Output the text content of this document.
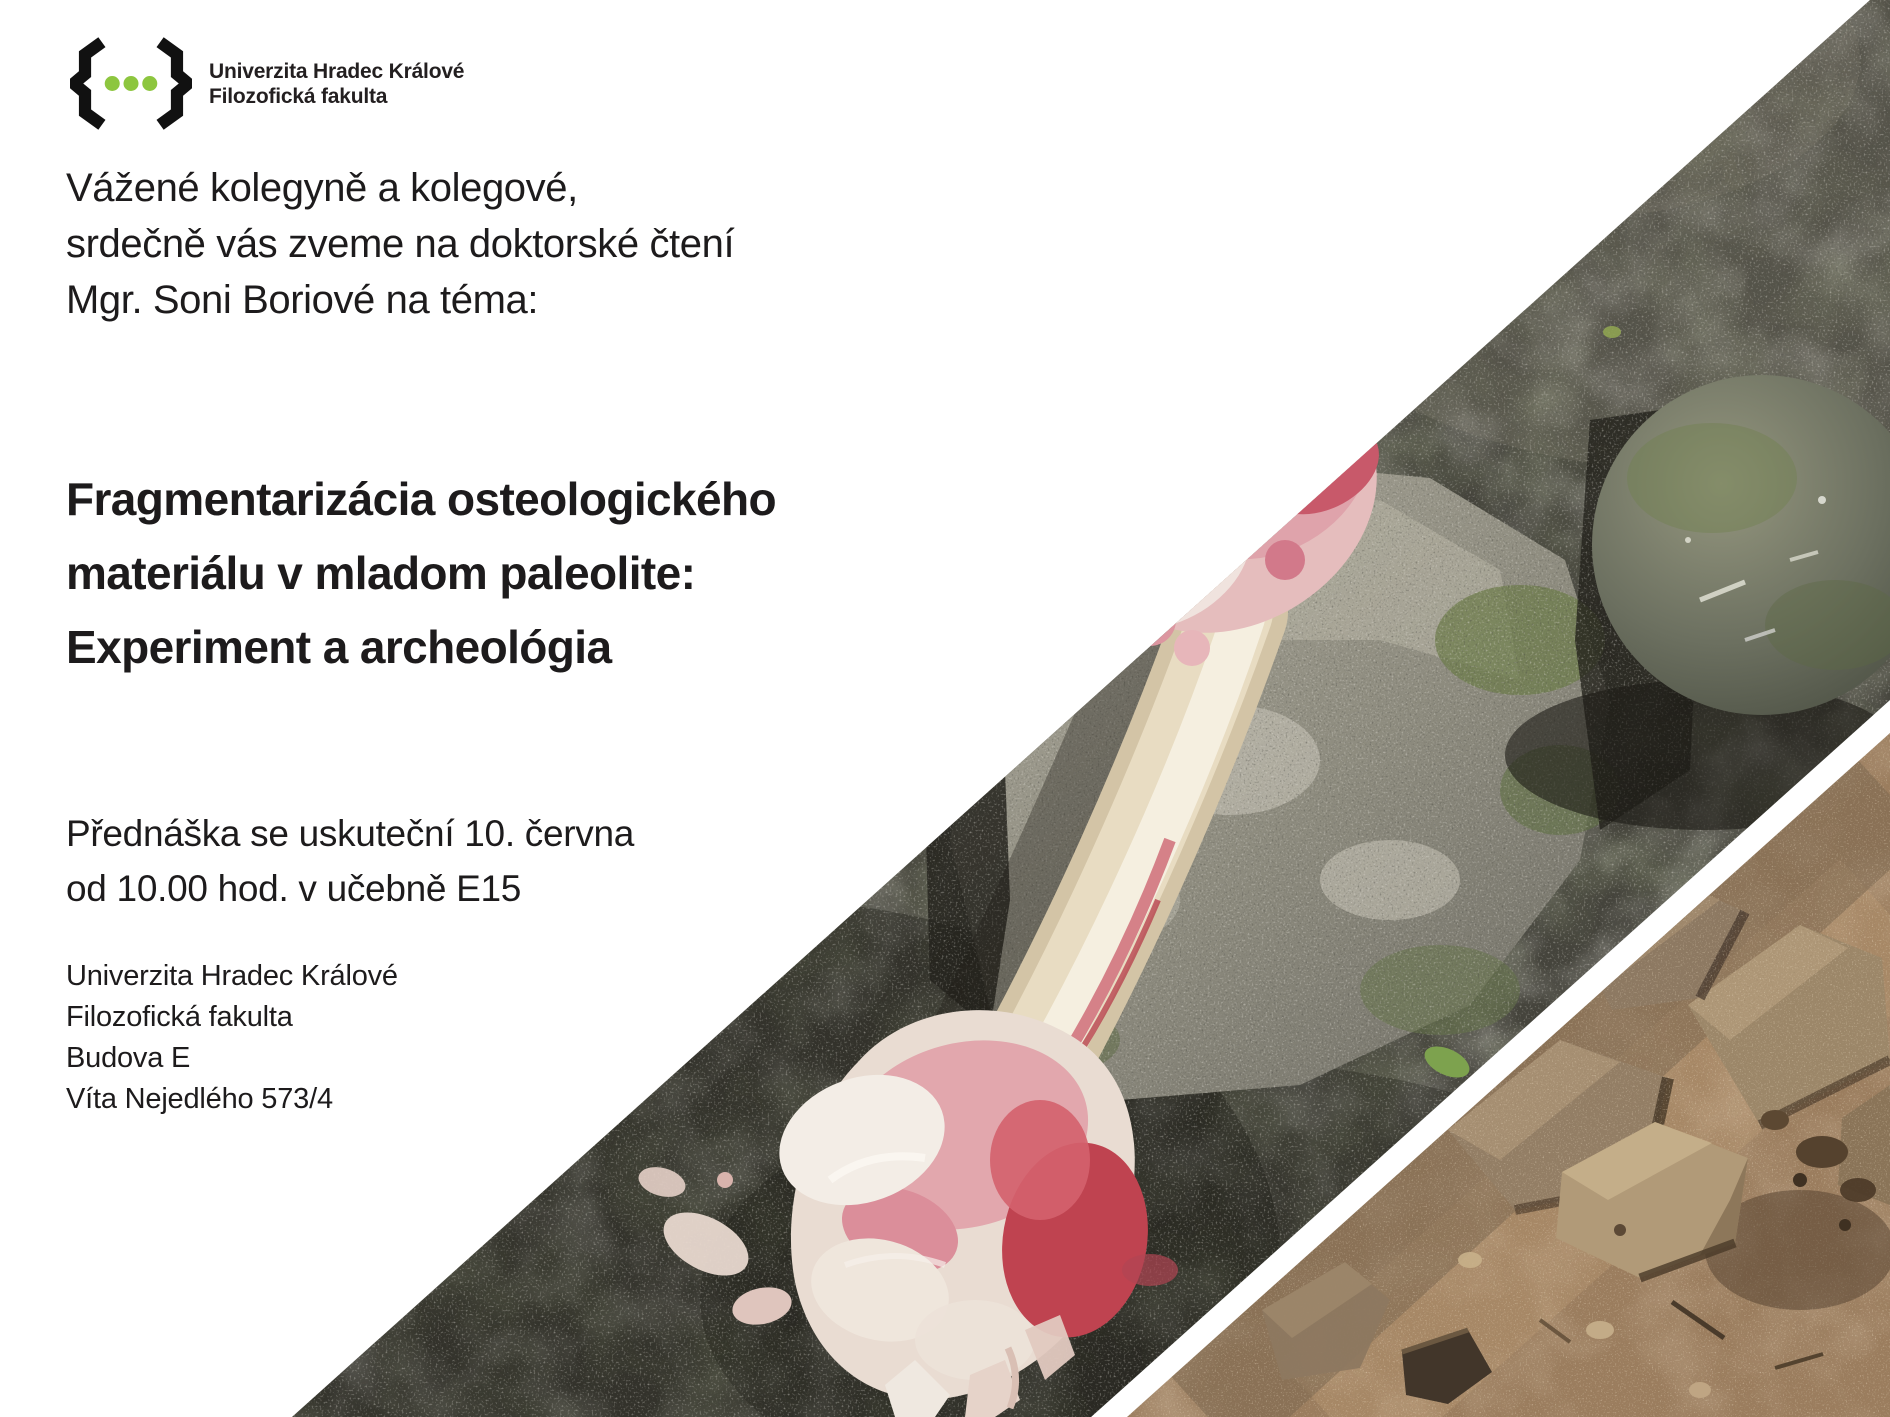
Univerzita Hradec Králové
Filozofická fakulta
Vážené kolegyně a kolegové,
srdečně vás zveme na doktorské čtení
Mgr. Soni Boriové na téma:
Fragmentarizácia osteologického
materiálu v mladom paleolite:
Experiment a archeológia
Přednáška se uskuteční 10. června
od 10.00 hod. v učebně E15
Univerzita Hradec Králové
Filozofická fakulta
Budova E
Víta Nejedlého 573/4
